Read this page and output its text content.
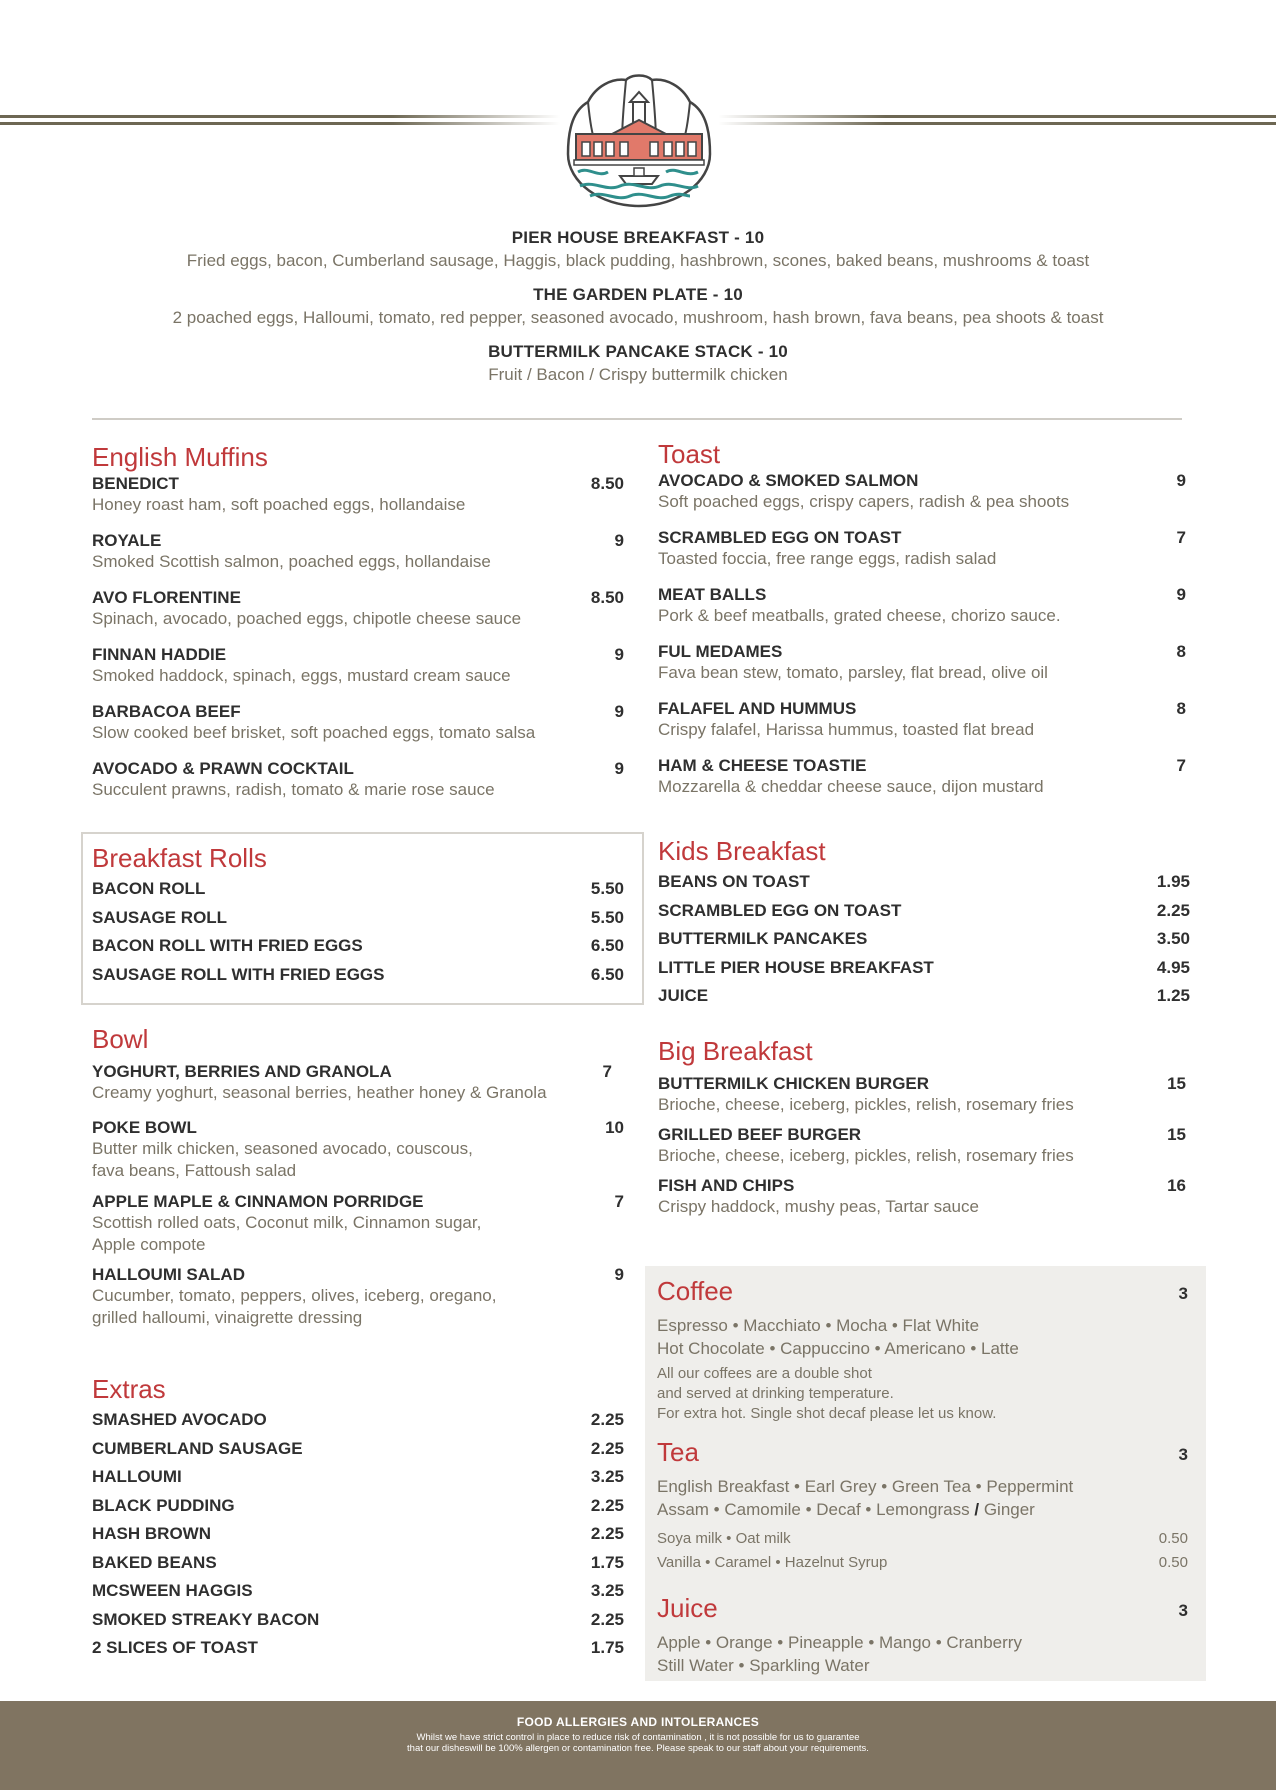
PIER HOUSE BREAKFAST - 10
Fried eggs, bacon, Cumberland sausage, Haggis, black pudding, hashbrown, scones, baked beans, mushrooms & toast
THE GARDEN PLATE - 10
2 poached eggs, Halloumi, tomato, red pepper, seasoned avocado, mushroom, hash brown, fava beans, pea shoots & toast
BUTTERMILK PANCAKE STACK - 10
Fruit / Bacon / Crispy buttermilk chicken
English Muffins
BENEDICT	8.50
Honey roast ham, soft poached eggs, hollandaise
ROYALE	9
Smoked Scottish salmon, poached eggs, hollandaise
AVO FLORENTINE	8.50
Spinach, avocado, poached eggs, chipotle cheese sauce
FINNAN HADDIE	9
Smoked haddock, spinach, eggs, mustard cream sauce
BARBACOA BEEF	9
Slow cooked beef brisket, soft poached eggs, tomato salsa
AVOCADO & PRAWN COCKTAIL	9
Succulent prawns, radish, tomato & marie rose sauce
Breakfast Rolls
BACON ROLL	5.50
SAUSAGE ROLL	5.50
BACON ROLL WITH FRIED EGGS	6.50
SAUSAGE ROLL WITH FRIED EGGS	6.50
Bowl
YOGHURT, BERRIES AND GRANOLA	7
Creamy yoghurt, seasonal berries, heather honey & Granola
POKE BOWL	10
Butter milk chicken, seasoned avocado, couscous,
fava beans, Fattoush salad
APPLE MAPLE & CINNAMON PORRIDGE	7
Scottish rolled oats, Coconut milk, Cinnamon sugar,
Apple compote
HALLOUMI SALAD	9
Cucumber, tomato, peppers, olives, iceberg, oregano,
grilled halloumi, vinaigrette dressing
Extras
SMASHED AVOCADO	2.25
CUMBERLAND SAUSAGE	2.25
HALLOUMI	3.25
BLACK PUDDING	2.25
HASH BROWN	2.25
BAKED BEANS	1.75
MCSWEEN HAGGIS	3.25
SMOKED STREAKY BACON	2.25
2 SLICES OF TOAST	1.75
Toast
AVOCADO & SMOKED SALMON	9
Soft poached eggs, crispy capers, radish & pea shoots
SCRAMBLED EGG ON TOAST	7
Toasted foccia, free range eggs, radish salad
MEAT BALLS	9
Pork & beef meatballs, grated cheese, chorizo sauce.
FUL MEDAMES	8
Fava bean stew, tomato, parsley, flat bread, olive oil
FALAFEL AND HUMMUS	8
Crispy falafel, Harissa hummus, toasted flat bread
HAM & CHEESE TOASTIE	7
Mozzarella & cheddar cheese sauce, dijon mustard
Kids Breakfast
BEANS ON TOAST	1.95
SCRAMBLED EGG ON TOAST	2.25
BUTTERMILK PANCAKES	3.50
LITTLE PIER HOUSE BREAKFAST	4.95
JUICE	1.25
Big Breakfast
BUTTERMILK CHICKEN BURGER	15
Brioche, cheese, iceberg, pickles, relish, rosemary fries
GRILLED BEEF BURGER	15
Brioche, cheese, iceberg, pickles, relish, rosemary fries
FISH AND CHIPS	16
Crispy haddock, mushy peas, Tartar sauce
Coffee	3
Espresso • Macchiato • Mocha • Flat White
Hot Chocolate • Cappuccino • Americano • Latte
All our coffees are a double shot
and served at drinking temperature.
For extra hot. Single shot decaf please let us know.
Tea	3
English Breakfast • Earl Grey • Green Tea • Peppermint
Assam • Camomile • Decaf • Lemongrass / Ginger
Soya milk • Oat milk	0.50
Vanilla • Caramel • Hazelnut Syrup	0.50
Juice	3
Apple • Orange • Pineapple • Mango • Cranberry
Still Water • Sparkling Water
FOOD ALLERGIES AND INTOLERANCES
Whilst we have strict control in place to reduce risk of contamination , it is not possible for us to guarantee
that our disheswill be 100% allergen or contamination free. Please speak to our staff about your requirements.
